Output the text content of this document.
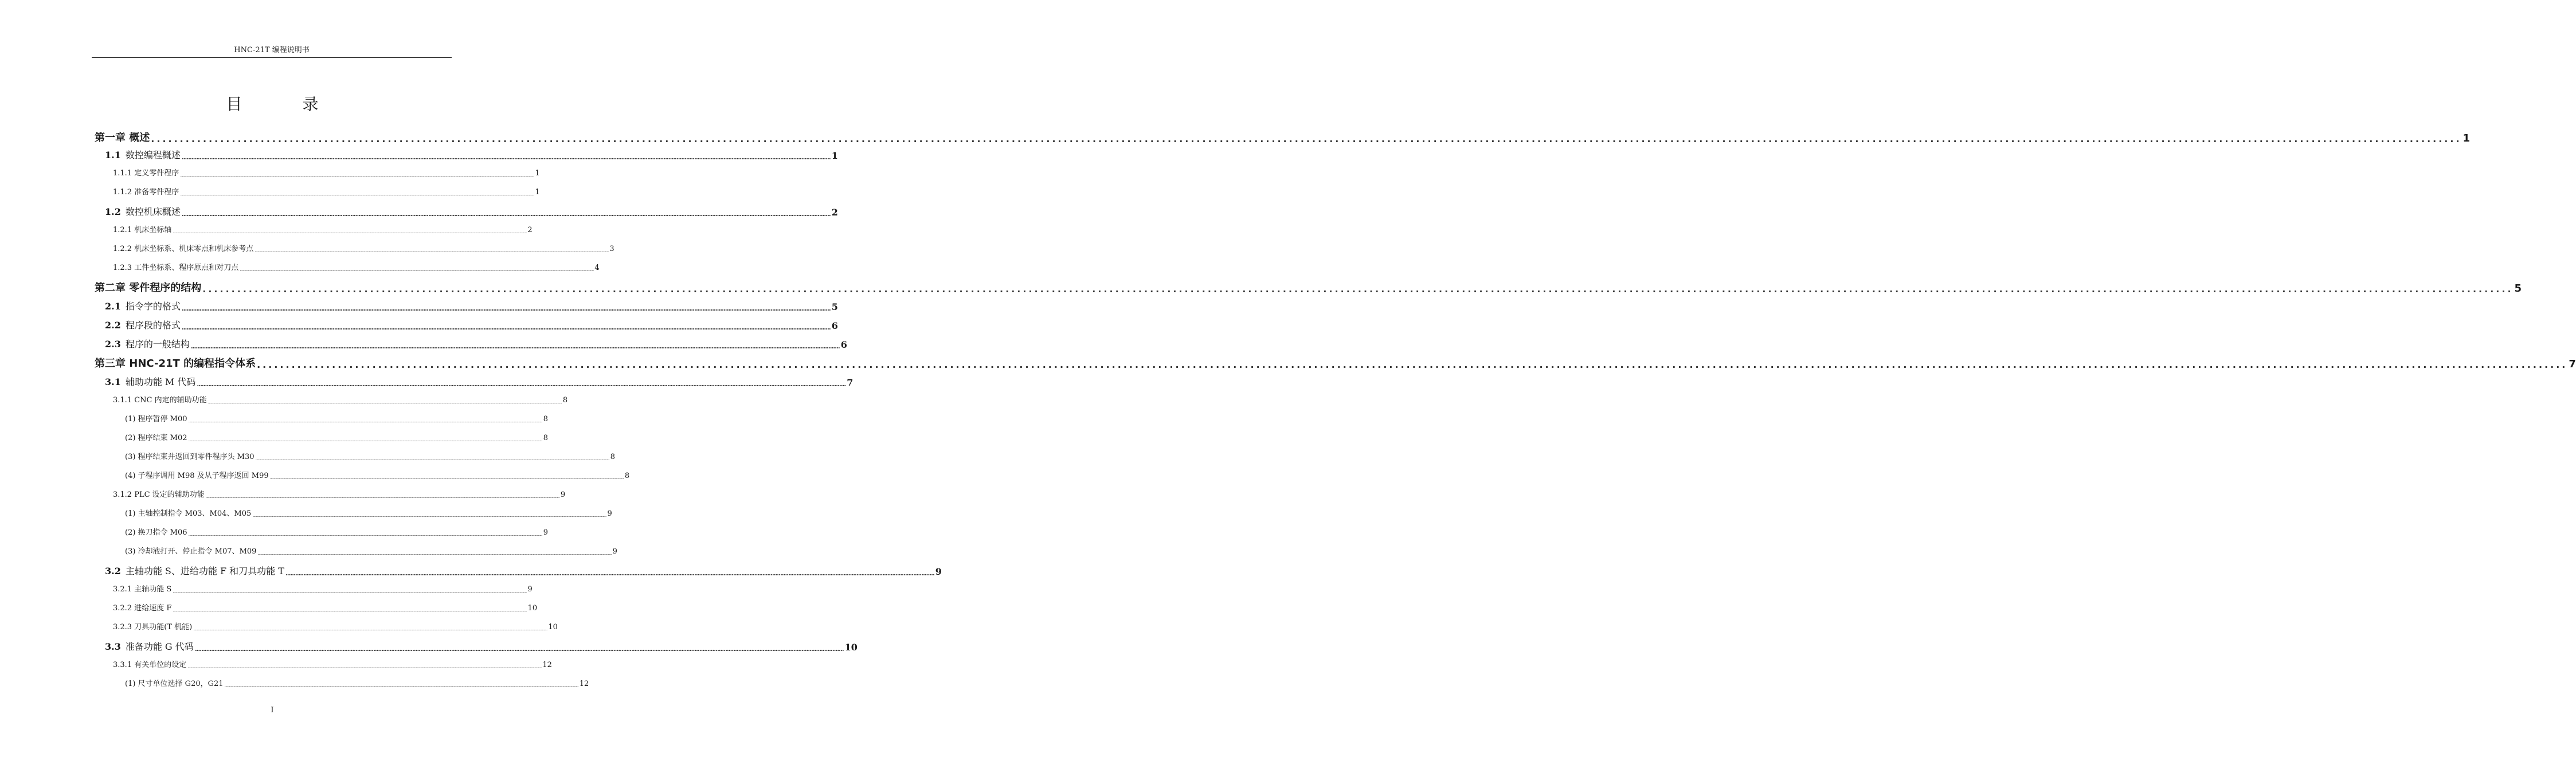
HNC-21T 编程说明书
目 录
第一章 概述 ................................................................................................................................................................................................................................................................................................................................................................................................................ 1
1.1 数控编程概述 ................................................................................................................................................................................................................................................................................................................................................................................................................ 1
1.1.1 定义零件程序 ................................................................................................................................................................................................................................................................................................................................................................................................................ 1
1.1.2 准备零件程序 ................................................................................................................................................................................................................................................................................................................................................................................................................ 1
1.2 数控机床概述 ................................................................................................................................................................................................................................................................................................................................................................................................................ 2
1.2.1 机床坐标轴 ................................................................................................................................................................................................................................................................................................................................................................................................................ 2
1.2.2 机床坐标系、机床零点和机床参考点 ................................................................................................................................................................................................................................................................................................................................................................................................................ 3
1.2.3 工件坐标系、程序原点和对刀点 ................................................................................................................................................................................................................................................................................................................................................................................................................ 4
第二章 零件程序的结构 ................................................................................................................................................................................................................................................................................................................................................................................................................ 5
2.1 指令字的格式 ................................................................................................................................................................................................................................................................................................................................................................................................................ 5
2.2 程序段的格式 ................................................................................................................................................................................................................................................................................................................................................................................................................ 6
2.3 程序的一般结构 ................................................................................................................................................................................................................................................................................................................................................................................................................ 6
第三章 HNC-21T 的编程指令体系 ................................................................................................................................................................................................................................................................................................................................................................................................................ 7
3.1 辅助功能 M 代码 ................................................................................................................................................................................................................................................................................................................................................................................................................ 7
3.1.1 CNC 内定的辅助功能 ................................................................................................................................................................................................................................................................................................................................................................................................................ 8
(1) 程序暂停 M00 ................................................................................................................................................................................................................................................................................................................................................................................................................ 8
(2) 程序结束 M02 ................................................................................................................................................................................................................................................................................................................................................................................................................ 8
(3) 程序结束并返回到零件程序头 M30 ................................................................................................................................................................................................................................................................................................................................................................................................................ 8
(4) 子程序调用 M98 及从子程序返回 M99 ................................................................................................................................................................................................................................................................................................................................................................................................................ 8
3.1.2 PLC 设定的辅助功能 ................................................................................................................................................................................................................................................................................................................................................................................................................ 9
(1) 主轴控制指令 M03、M04、M05 ................................................................................................................................................................................................................................................................................................................................................................................................................ 9
(2) 换刀指令 M06 ................................................................................................................................................................................................................................................................................................................................................................................................................ 9
(3) 冷却液打开、停止指令 M07、M09 ................................................................................................................................................................................................................................................................................................................................................................................................................ 9
3.2 主轴功能 S、进给功能 F 和刀具功能 T ................................................................................................................................................................................................................................................................................................................................................................................................................ 9
3.2.1 主轴功能 S ................................................................................................................................................................................................................................................................................................................................................................................................................ 9
3.2.2 进给速度 F ................................................................................................................................................................................................................................................................................................................................................................................................................ 10
3.2.3 刀具功能(T 机能) ................................................................................................................................................................................................................................................................................................................................................................................................................ 10
3.3 准备功能 G 代码 ................................................................................................................................................................................................................................................................................................................................................................................................................ 10
3.3.1 有关单位的设定 ................................................................................................................................................................................................................................................................................................................................................................................................................ 12
(1) 尺寸单位选择 G20，G21 ................................................................................................................................................................................................................................................................................................................................................................................................................ 12
I
